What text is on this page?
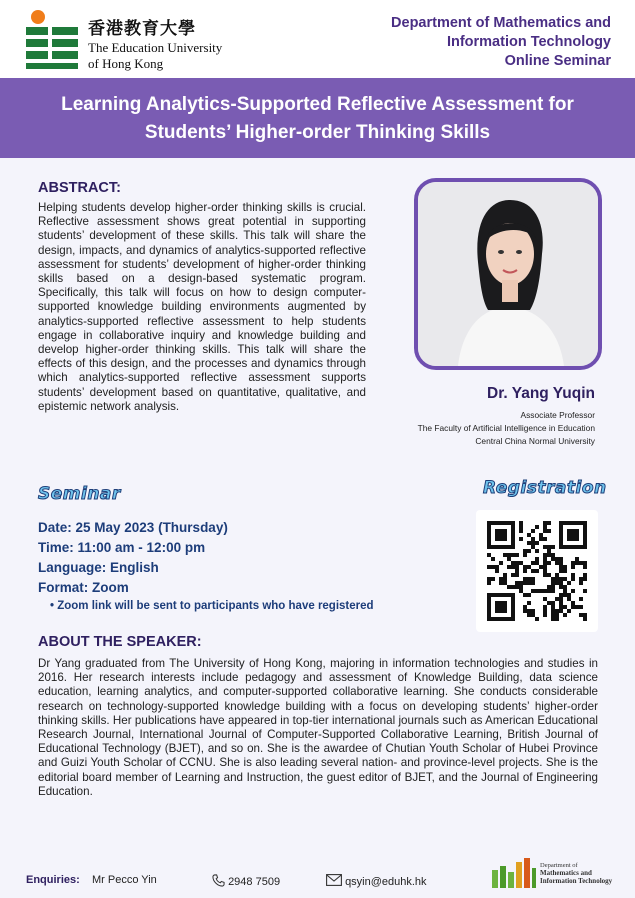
香港教育大學
The Education University
of Hong Kong
Department of Mathematics and
Information Technology
Online Seminar
Learning Analytics-Supported Reflective Assessment for
Students’ Higher-order Thinking Skills
ABSTRACT:
Helping students develop higher-order thinking skills is crucial. Reflective assessment shows great potential in supporting students’ development of these skills. This talk will share the design, impacts, and dynamics of analytics-supported reflective assessment for students’ development of higher-order thinking skills based on a design-based systematic program. Specifically, this talk will focus on how to design computer-supported knowledge building environments augmented by analytics-supported reflective assessment to help students engage in collaborative inquiry and knowledge building and develop higher-order thinking skills. This talk will share the effects of this design, and the processes and dynamics through which analytics-supported reflective assessment supports students’ development based on quantitative, qualitative, and epistemic network analysis.
Dr. Yang Yuqin
Associate Professor
The Faculty of Artificial Intelligence in Education
Central China Normal University
Seminar	Registration
Date: 25 May 2023 (Thursday)
Time: 11:00 am - 12:00 pm
Language: English
Format: Zoom
• Zoom link will be sent to participants who have registered
ABOUT THE SPEAKER:
Dr Yang graduated from The University of Hong Kong, majoring in information technologies and studies in 2016. Her research interests include pedagogy and assessment of Knowledge Building, data science education, learning analytics, and computer-supported collaborative learning. She conducts considerable research on technology-supported knowledge building with a focus on developing students’ higher-order thinking skills. Her publications have appeared in top-tier international journals such as American Educational Research Journal, International Journal of Computer-Supported Collaborative Learning, British Journal of Educational Technology (BJET), and so on. She is the awardee of Chutian Youth Scholar of Hubei Province and Guizi Youth Scholar of CCNU. She is also leading several nation- and province-level projects. She is the editorial board member of Learning and Instruction, the guest editor of BJET, and the Journal of Engineering Education.
Enquiries: Mr Pecco Yin	2948 7509	qsyin@eduhk.hk
Department of
Mathematics and
Information Technology
